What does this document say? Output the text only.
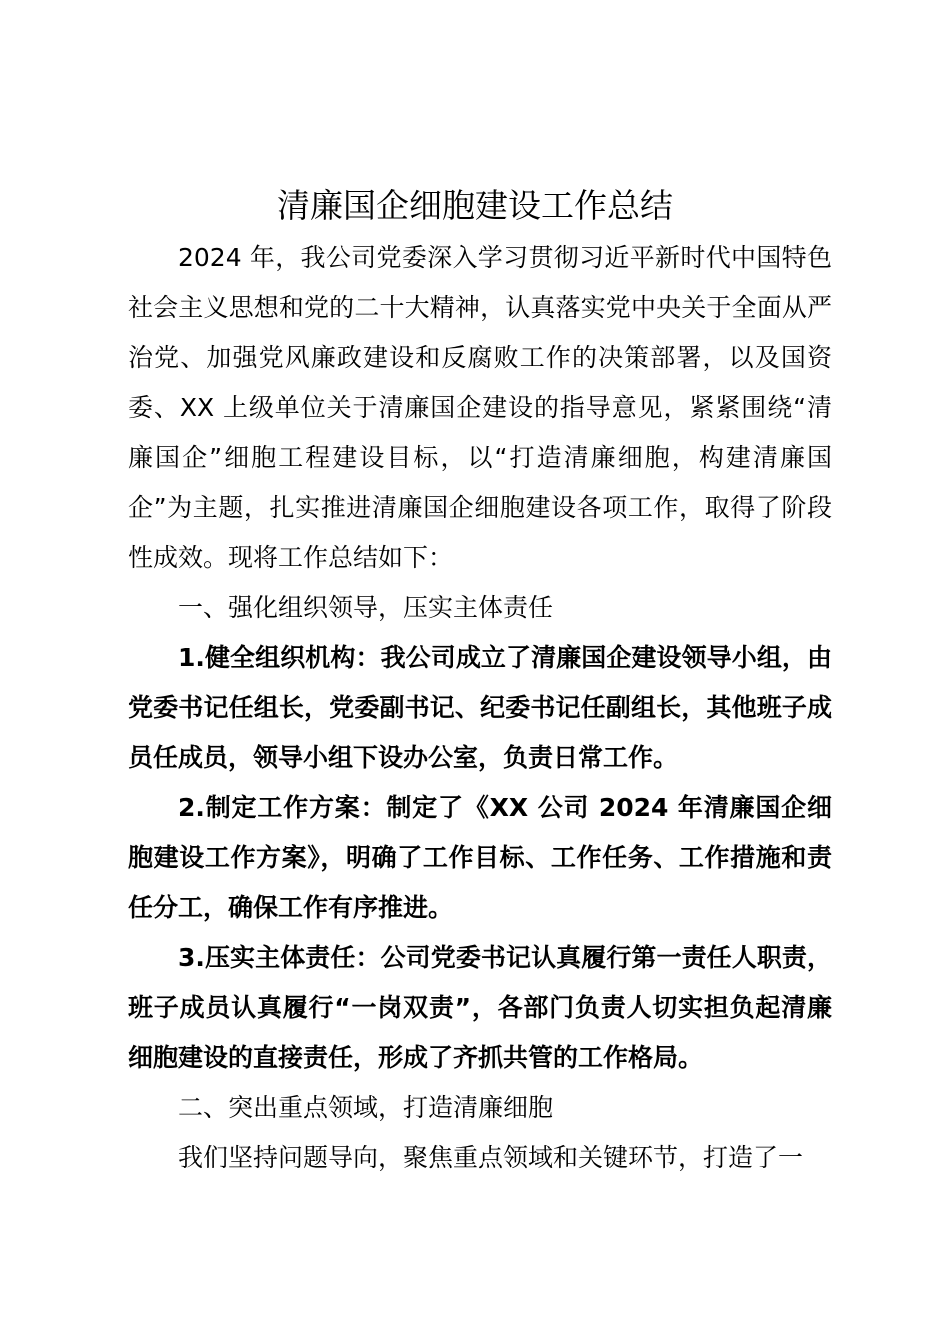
清廉国企细胞建设工作总结

2024 年，我公司党委深入学习贯彻习近平新时代中国特色社会主义思想和党的二十大精神，认真落实党中央关于全面从严治党、加强党风廉政建设和反腐败工作的决策部署，以及国资委、XX 上级单位关于清廉国企建设的指导意见，紧紧围绕“清廉国企”细胞工程建设目标，以“打造清廉细胞，构建清廉国企”为主题，扎实推进清廉国企细胞建设各项工作，取得了阶段性成效。现将工作总结如下：

一、强化组织领导，压实主体责任

1.健全组织机构：我公司成立了清廉国企建设领导小组，由党委书记任组长，党委副书记、纪委书记任副组长，其他班子成员任成员，领导小组下设办公室，负责日常工作。

2.制定工作方案：制定了《XX 公司 2024 年清廉国企细胞建设工作方案》，明确了工作目标、工作任务、工作措施和责任分工，确保工作有序推进。

3.压实主体责任：公司党委书记认真履行第一责任人职责，班子成员认真履行“一岗双责”，各部门负责人切实担负起清廉细胞建设的直接责任，形成了齐抓共管的工作格局。

二、突出重点领域，打造清廉细胞

我们坚持问题导向，聚焦重点领域和关键环节，打造了一
